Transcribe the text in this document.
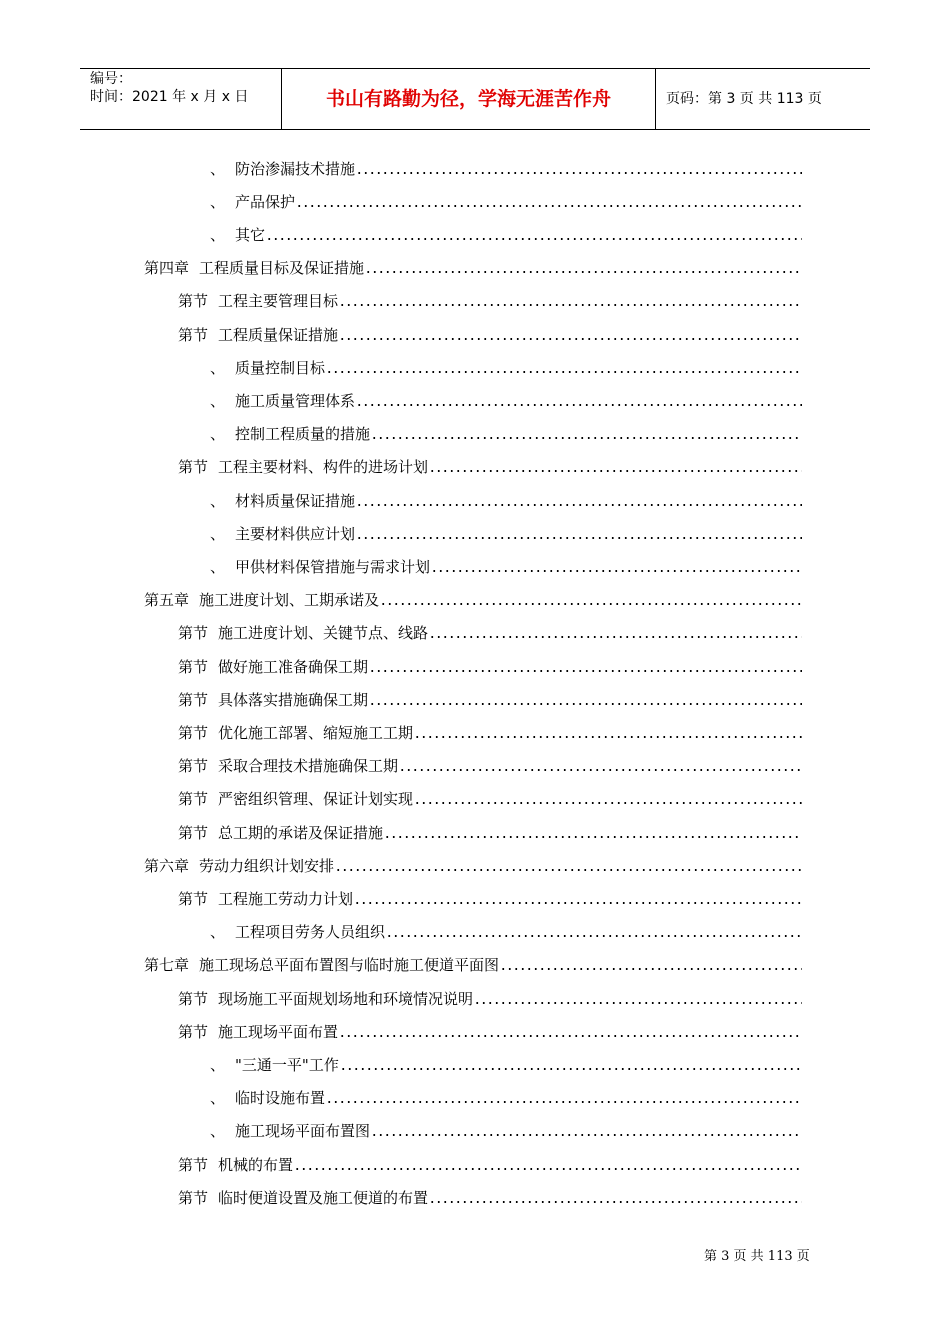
编号：
时间：2021 年 x 月 x 日	书山有路勤为径，学海无涯苦作舟	页码：第 3 页 共 113 页
、 防治渗漏技术措施
、 产品保护
、 其它
第四章 工程质量目标及保证措施
第节 工程主要管理目标
第节 工程质量保证措施
、 质量控制目标
、 施工质量管理体系
、 控制工程质量的措施
第节 工程主要材料、构件的进场计划
、 材料质量保证措施
、 主要材料供应计划
、 甲供材料保管措施与需求计划
第五章 施工进度计划、工期承诺及
第节 施工进度计划、关键节点、线路
第节 做好施工准备确保工期
第节 具体落实措施确保工期
第节 优化施工部署、缩短施工工期
第节 采取合理技术措施确保工期
第节 严密组织管理、保证计划实现
第节 总工期的承诺及保证措施
第六章 劳动力组织计划安排
第节 工程施工劳动力计划
、 工程项目劳务人员组织
第七章 施工现场总平面布置图与临时施工便道平面图
第节 现场施工平面规划场地和环境情况说明
第节 施工现场平面布置
、 "三通一平"工作
、 临时设施布置
、 施工现场平面布置图
第节 机械的布置
第节 临时便道设置及施工便道的布置
第 3 页 共 113 页
